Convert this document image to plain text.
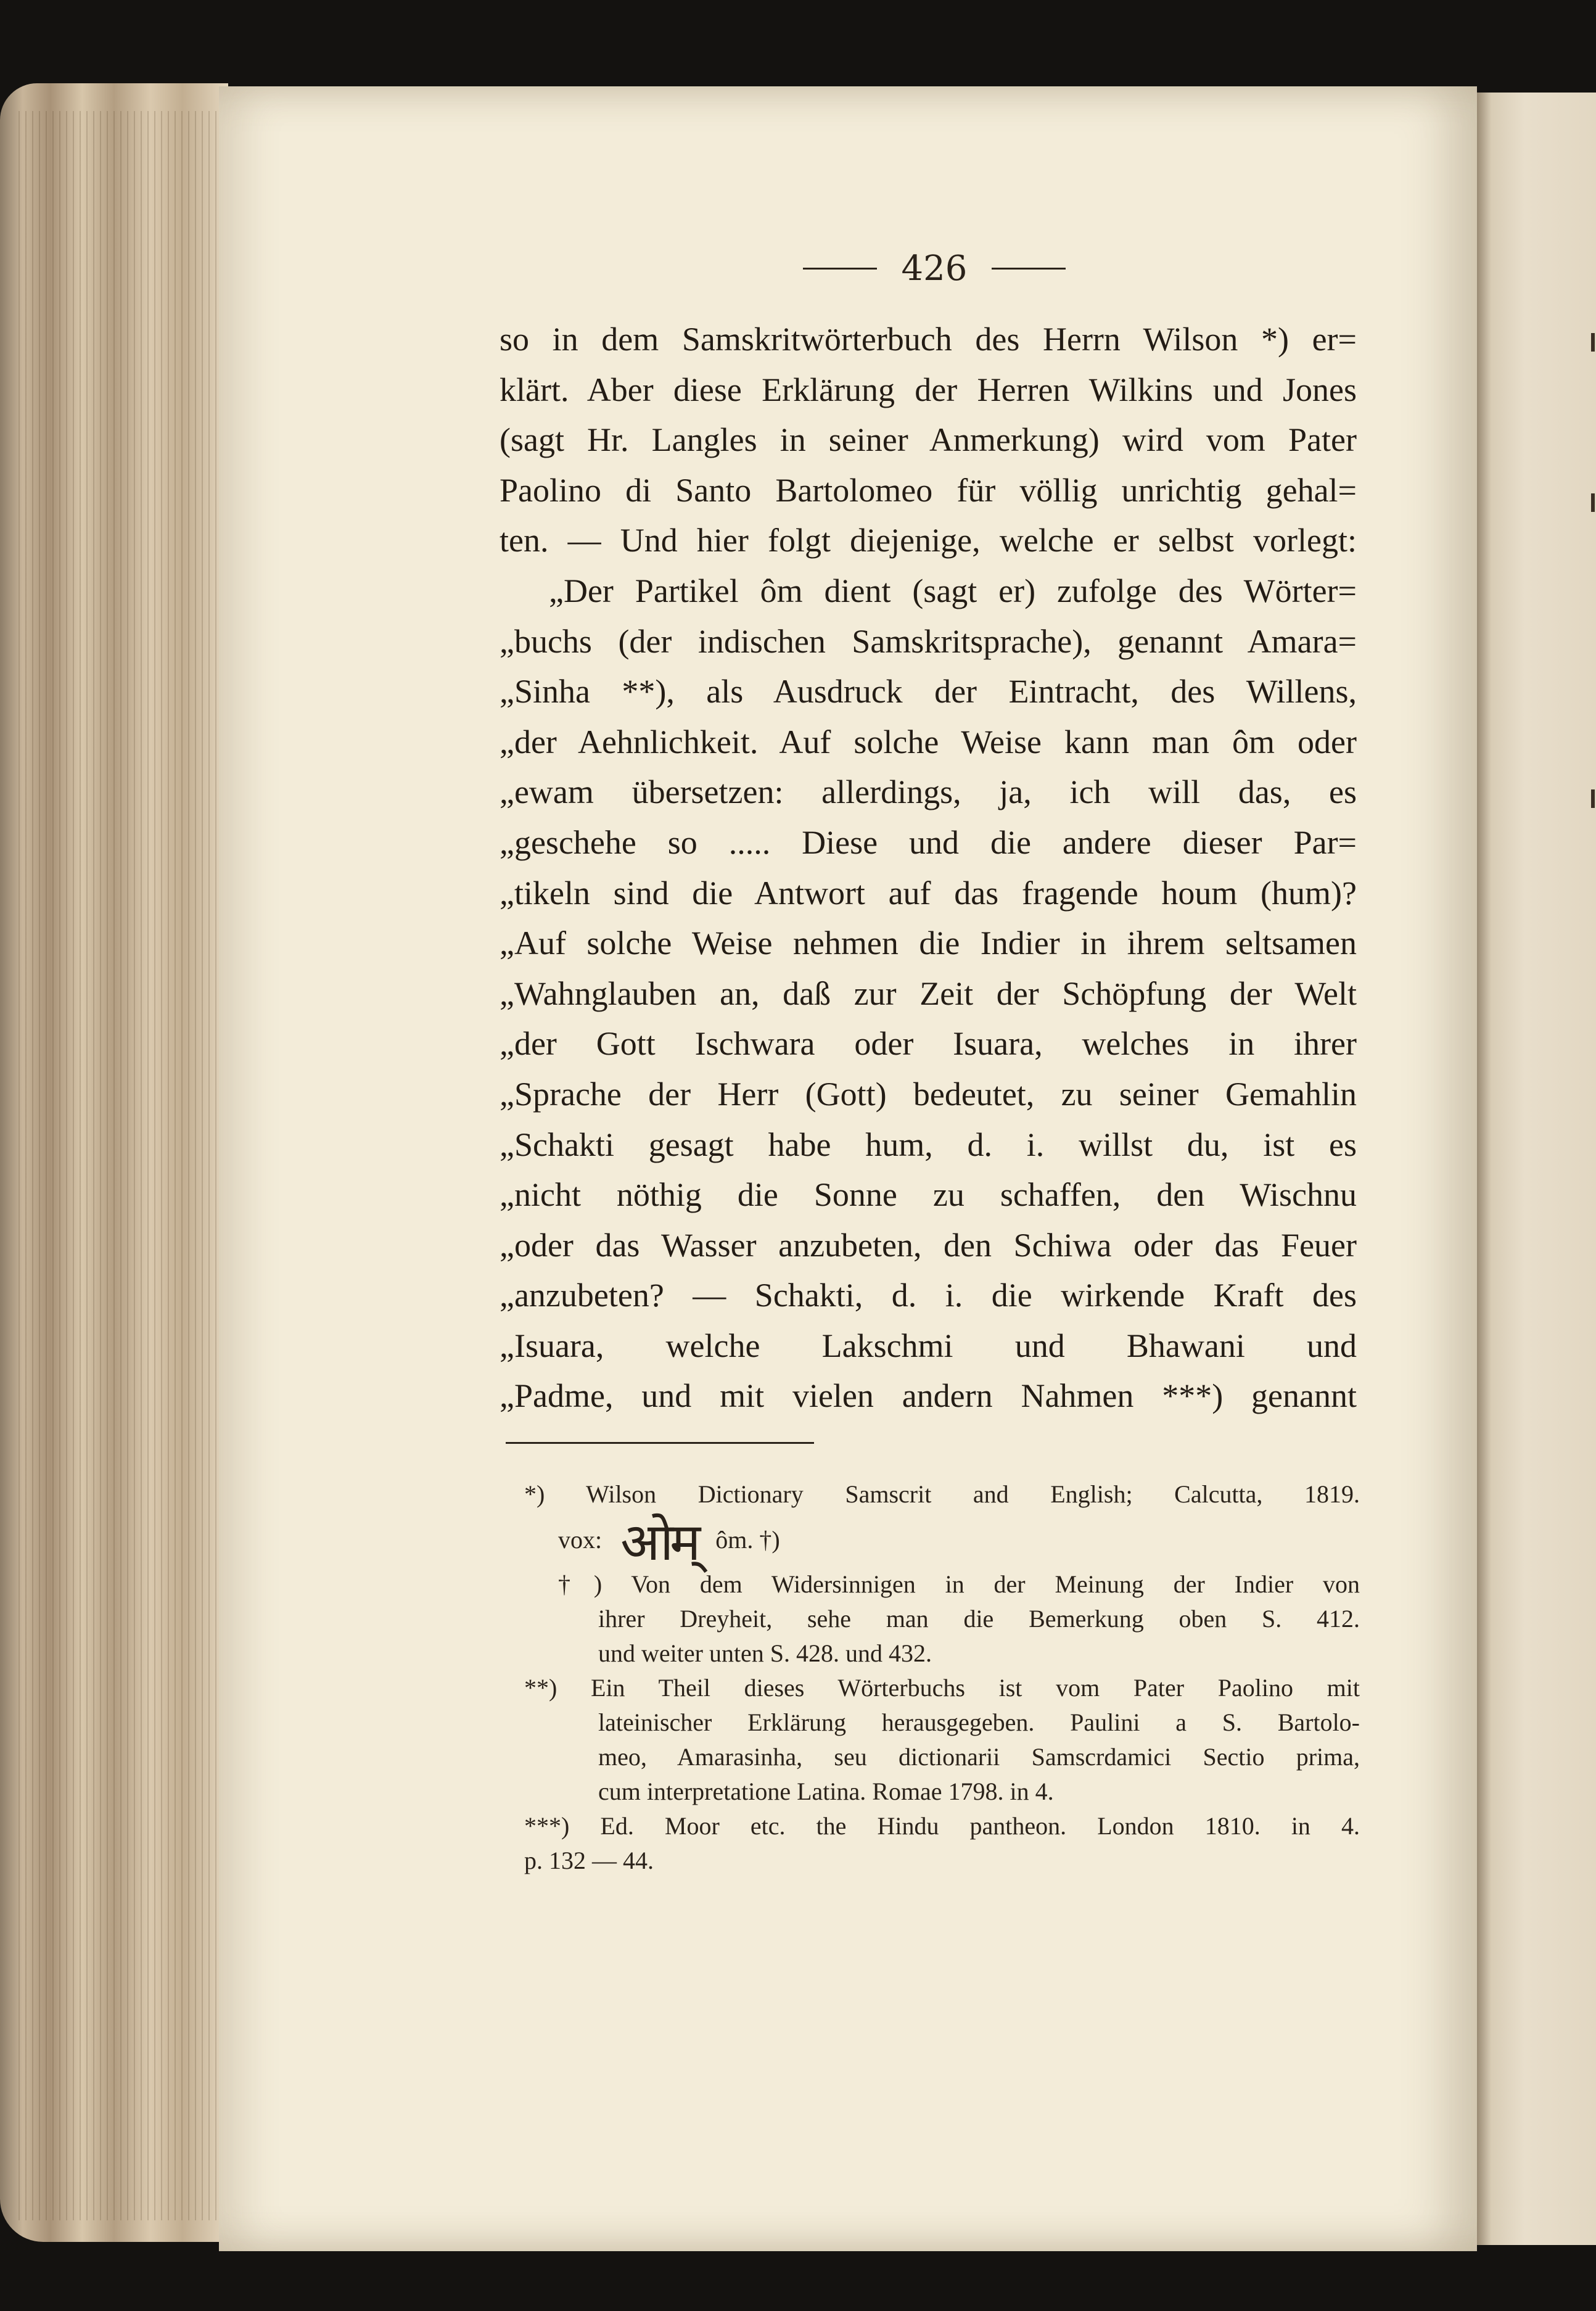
426
so in dem Samskritwörterbuch des Herrn Wilson *) er=
klärt. Aber diese Erklärung der Herren Wilkins und Jones
(sagt Hr. Langles in seiner Anmerkung) wird vom Pater
Paolino di Santo Bartolomeo für völlig unrichtig gehal=
ten. — Und hier folgt diejenige, welche er selbst vorlegt:
„Der Partikel ôm dient (sagt er) zufolge des Wörter=
„buchs (der indischen Samskritsprache), genannt Amara=
„Sinha **), als Ausdruck der Eintracht, des Willens,
„der Aehnlichkeit. Auf solche Weise kann man ôm oder
„ewam übersetzen: allerdings, ja, ich will das, es
„geschehe so ..... Diese und die andere dieser Par=
„tikeln sind die Antwort auf das fragende houm (hum)?
„Auf solche Weise nehmen die Indier in ihrem seltsamen
„Wahnglauben an, daß zur Zeit der Schöpfung der Welt
„der Gott Ischwara oder Isuara, welches in ihrer
„Sprache der Herr (Gott) bedeutet, zu seiner Gemahlin
„Schakti gesagt habe hum, d. i. willst du, ist es
„nicht nöthig die Sonne zu schaffen, den Wischnu
„oder das Wasser anzubeten, den Schiwa oder das Feuer
„anzubeten? — Schakti, d. i. die wirkende Kraft des
„Isuara, welche Lakschmi und Bhawani und
„Padme, und mit vielen andern Nahmen ***) genannt
*) Wilson Dictionary Samscrit and English; Calcutta, 1819.
vox: ओम् ôm. †)
†) Von dem Widersinnigen in der Meinung der Indier von
ihrer Dreyheit, sehe man die Bemerkung oben S. 412.
und weiter unten S. 428. und 432.
**) Ein Theil dieses Wörterbuchs ist vom Pater Paolino mit
lateinischer Erklärung herausgegeben. Paulini a S. Bartolo-
meo, Amarasinha, seu dictionarii Samscrdamici Sectio prima,
cum interpretatione Latina. Romae 1798. in 4.
***) Ed. Moor etc. the Hindu pantheon. London 1810. in 4.
p. 132 — 44.
